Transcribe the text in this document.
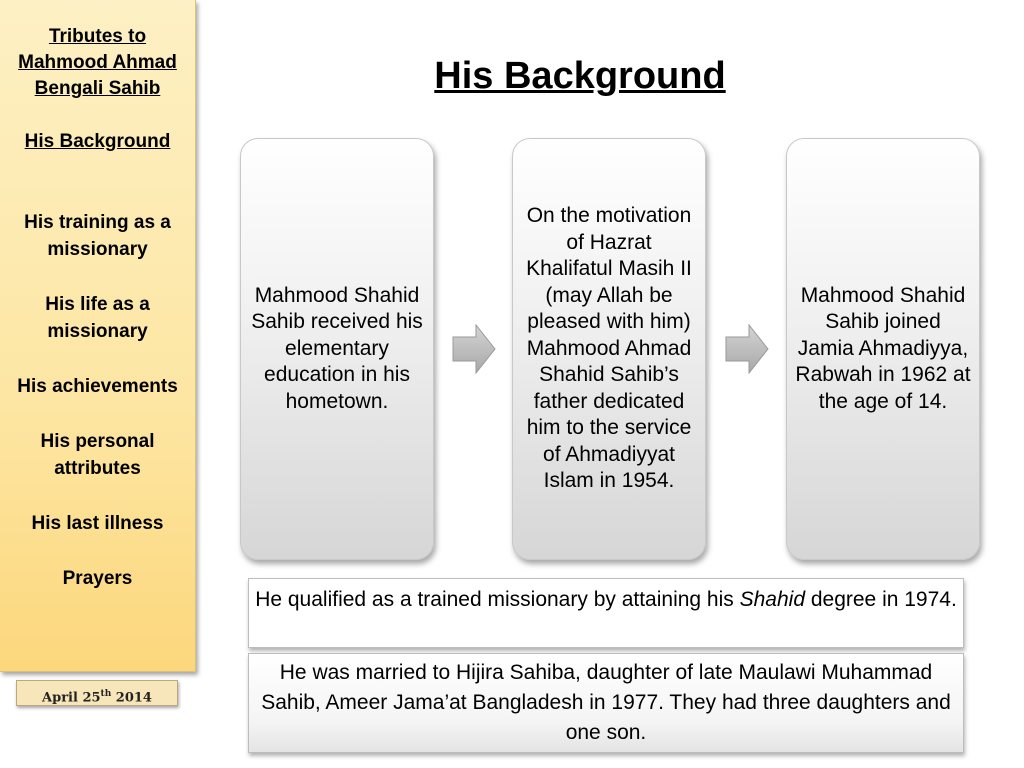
Tributes to Mahmood Ahmad Bengali Sahib
His Background
His training as a missionary
His life as a missionary
His achievements
His personal attributes
His last illness
Prayers
April 25th 2014
His Background
Mahmood Shahid Sahib received his elementary education in his hometown.
On the motivation of Hazrat Khalifatul Masih II (may Allah be pleased with him) Mahmood Ahmad Shahid Sahib’s father dedicated him to the service of Ahmadiyyat Islam in 1954.
Mahmood Shahid Sahib joined Jamia Ahmadiyya, Rabwah in 1962 at the age of 14.
He qualified as a trained missionary by attaining his Shahid degree in 1974.
He was married to Hijira Sahiba, daughter of late Maulawi Muhammad Sahib, Ameer Jama’at Bangladesh in 1977. They had three daughters and one son.
